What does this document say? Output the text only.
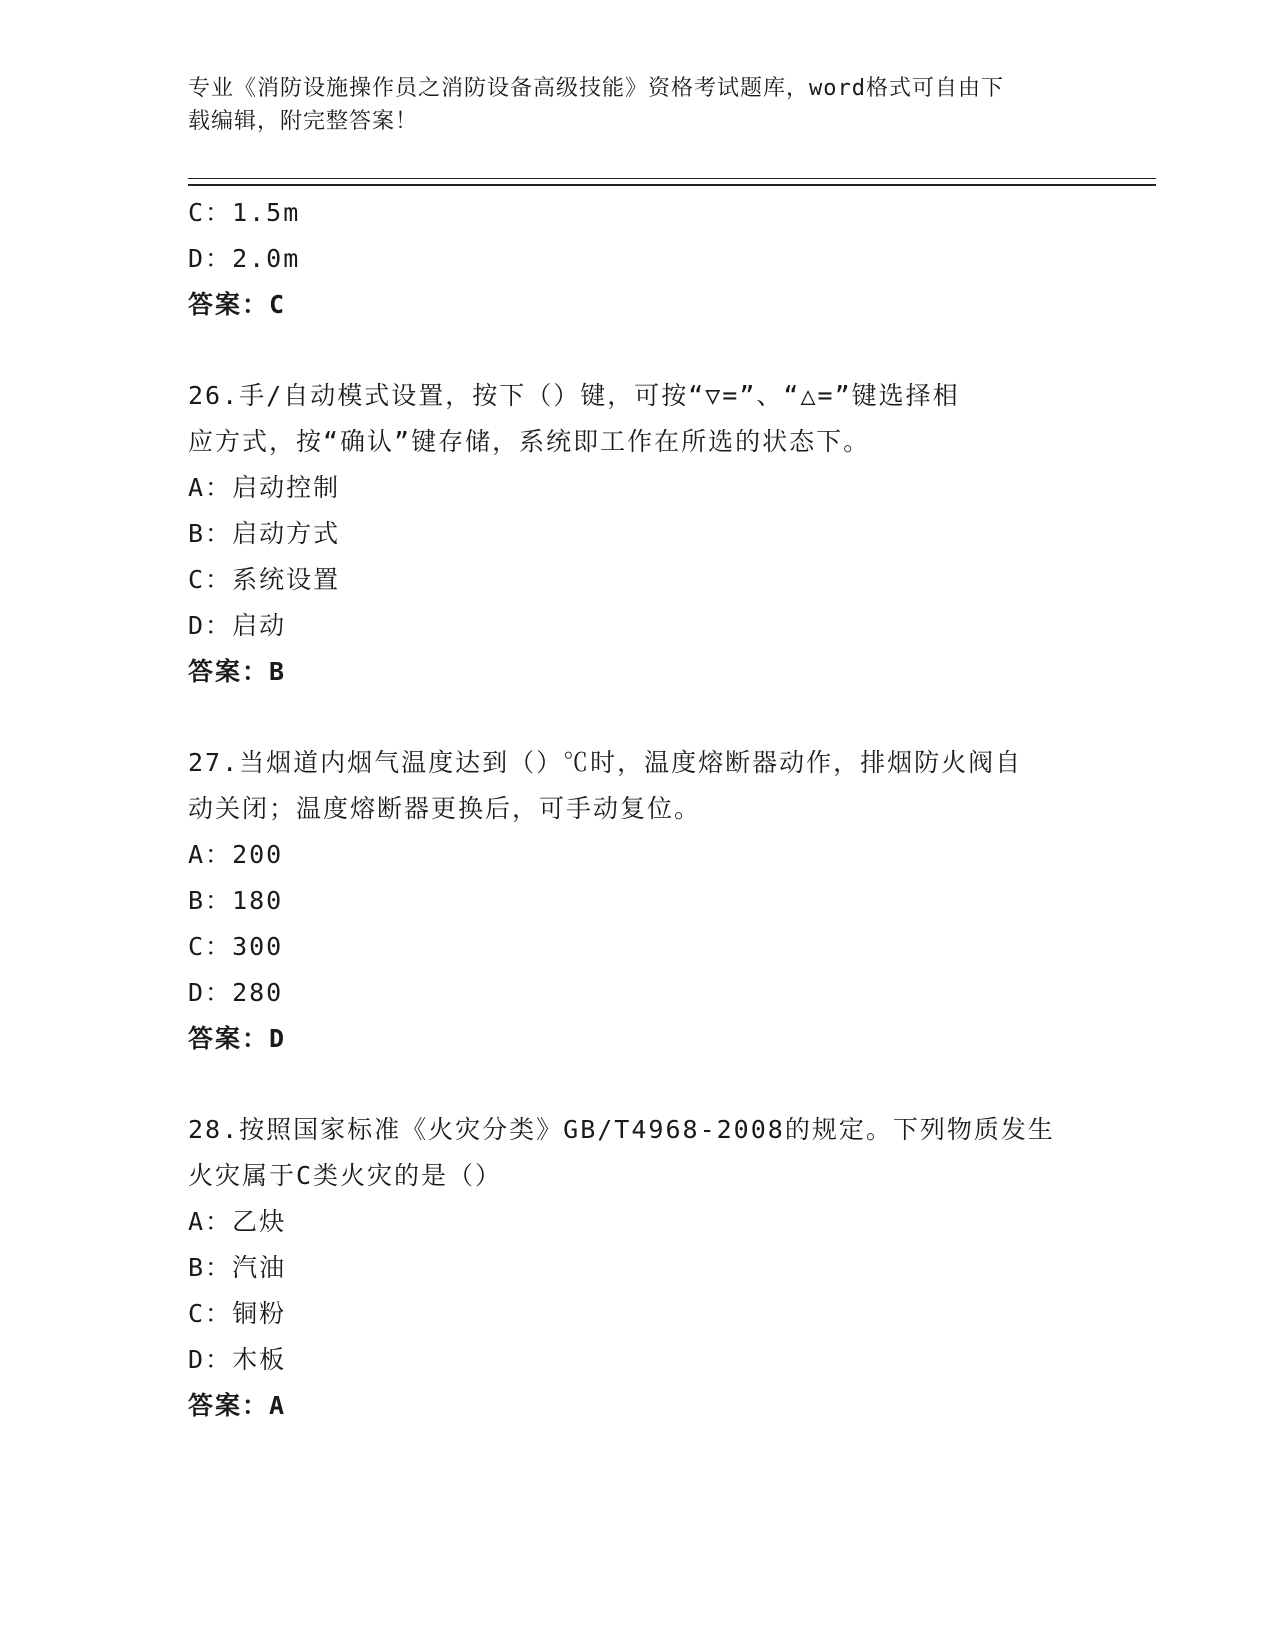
专业《消防设施操作员之消防设备高级技能》资格考试题库，word格式可自由下
载编辑，附完整答案！
C：1.5m
D：2.0m
答案：C
26.手/自动模式设置，按下（）键，可按“▽=”、“△=”键选择相
应方式，按“确认”键存储，系统即工作在所选的状态下。
A：启动控制
B：启动方式
C：系统设置
D：启动
答案：B
27.当烟道内烟气温度达到（）℃时，温度熔断器动作，排烟防火阀自
动关闭；温度熔断器更换后，可手动复位。
A：200
B：180
C：300
D：280
答案：D
28.按照国家标准《火灾分类》GB/T4968-2008的规定。下列物质发生
火灾属于C类火灾的是（）
A：乙炔
B：汽油
C：铜粉
D：木板
答案：A
